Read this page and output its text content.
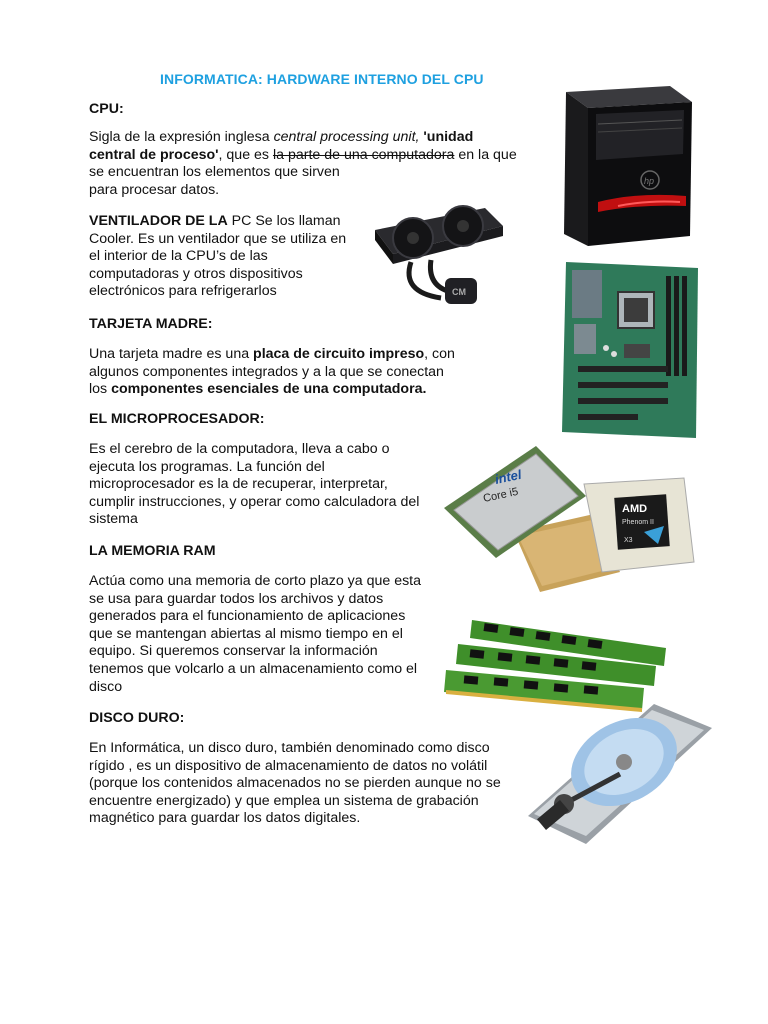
INFORMATICA: HARDWARE INTERNO DEL CPU
CPU:
Sigla de la expresión inglesa central processing unit, 'unidad
central de proceso', que es la parte de una computadora en la que
se encuentran los elementos que sirven
para procesar datos.
VENTILADOR DE LA PC Se los llaman
Cooler. Es un ventilador que se utiliza en
el interior de la CPU’s de las
computadoras y otros dispositivos
electrónicos para refrigerarlos
TARJETA MADRE:
Una tarjeta madre es una placa de circuito impreso, con
algunos componentes integrados y a la que se conectan
los componentes esenciales de una computadora.
EL MICROPROCESADOR:
Es el cerebro de la computadora, lleva a cabo o
ejecuta los programas. La función del
microprocesador es la de recuperar, interpretar,
cumplir instrucciones, y operar como calculadora del
sistema
LA MEMORIA RAM
Actúa como una memoria de corto plazo ya que esta
se usa para guardar todos los archivos y datos
generados para el funcionamiento de aplicaciones
que se mantengan abiertas al mismo tiempo en el
equipo. Si queremos conservar la información
tenemos que volcarlo a un almacenamiento como el
disco
DISCO DURO:
En Informática, un disco duro, también denominado como disco
rígido , es un dispositivo de almacenamiento de datos no volátil
(porque los contenidos almacenados no se pierden aunque no se
encuentre energizado) y que emplea un sistema de grabación
magnético para guardar los datos digitales.
hp
CM
intel
Core i5
AMD
Phenom II
X3
